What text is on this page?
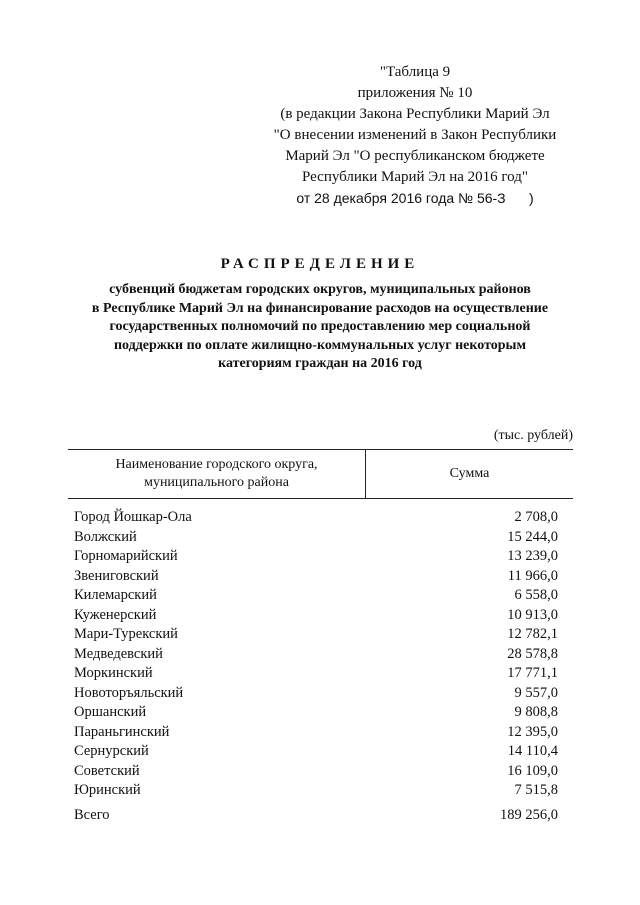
"Таблица 9
приложения № 10
(в редакции Закона Республики Марий Эл
"О внесении изменений в Закон Республики
Марий Эл "О республиканском бюджете
Республики Марий Эл на 2016 год"
от 28 декабря 2016 года № 56-З      )
РАСПРЕДЕЛЕНИЕ
субвенций бюджетам городских округов, муниципальных районов
в Республике Марий Эл на финансирование расходов на осуществление
государственных полномочий по предоставлению мер социальной
поддержки по оплате жилищно-коммунальных услуг некоторым
категориям граждан на 2016 год
(тыс. рублей)
Наименование городского округа,
муниципального района
Сумма
Город Йошкар-Ола	2 708,0
Волжский	15 244,0
Горномарийский	13 239,0
Звениговский	11 966,0
Килемарский	6 558,0
Куженерский	10 913,0
Мари-Турекский	12 782,1
Медведевский	28 578,8
Моркинский	17 771,1
Новоторъяльский	9 557,0
Оршанский	9 808,8
Параньгинский	12 395,0
Сернурский	14 110,4
Советский	16 109,0
Юринский	7 515,8
Всего	189 256,0
